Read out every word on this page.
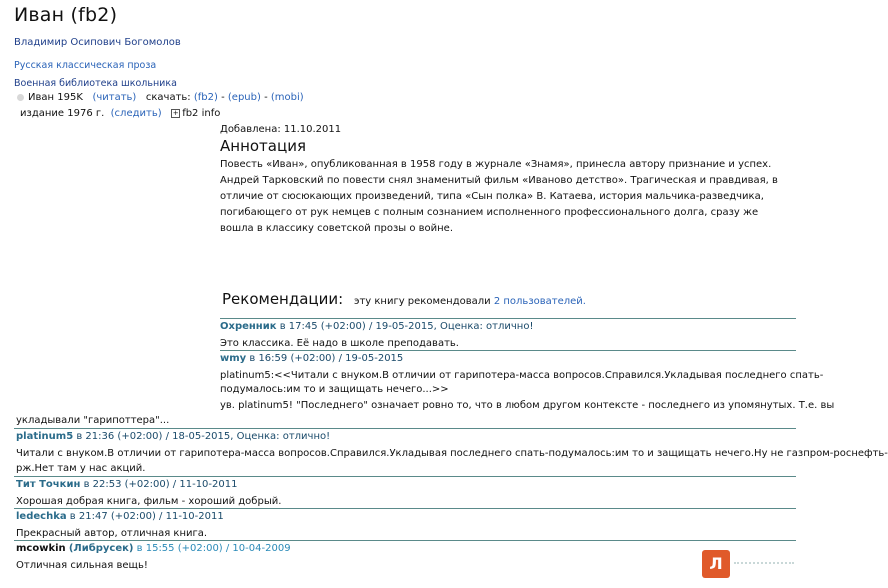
Иван (fb2)
Владимир Осипович Богомолов
Русская классическая проза
Военная библиотека школьника
Иван 195K (читать) скачать: (fb2) - (epub) - (mobi)
издание 1976 г. (следить) + fb2 info
Добавлена: 11.10.2011
Аннотация
Повесть «Иван», опубликованная в 1958 году в журнале «Знамя», принесла автору признание и успех. Андрей Тарковский по повести снял знаменитый фильм «Иваново детство». Трагическая и правдивая, в отличие от сюсюкающих произведений, типа «Сын полка» В. Катаева, история мальчика-разведчика, погибающего от рук немцев с полным сознанием исполненного профессионального долга, сразу же вошла в классику советской прозы о войне.
Рекомендации: эту книгу рекомендовали 2 пользователей.
Охренник в 17:45 (+02:00) / 19-05-2015, Оценка: отлично!
Это классика. Её надо в школе преподавать.
wmy в 16:59 (+02:00) / 19-05-2015
platinum5:<<Читали с внуком.В отличии от гарипотера-масса вопросов.Справился.Укладывая последнего спать-
подумалось:им то и защищать нечего...>>
ув. platinum5! "Последнего" означает ровно то, что в любом другом контексте - последнего из упомянутых. Т.е. вы
укладывали "гарипоттера"...
platinum5 в 21:36 (+02:00) / 18-05-2015, Оценка: отлично!
Читали с внуком.В отличии от гарипотера-масса вопросов.Справился.Укладывая последнего спать-подумалось:им то и защищать нечего.Ну не газпром-роснефть-
рж.Нет там у нас акций.
Тит Точкин в 22:53 (+02:00) / 11-10-2011
Хорошая добрая книга, фильм - хороший добрый.
ledechka в 21:47 (+02:00) / 11-10-2011
Прекрасный автор, отличная книга.
mcowkin (Либрусек) в 15:55 (+02:00) / 10-04-2009
Отличная сильная вещь!	Л
